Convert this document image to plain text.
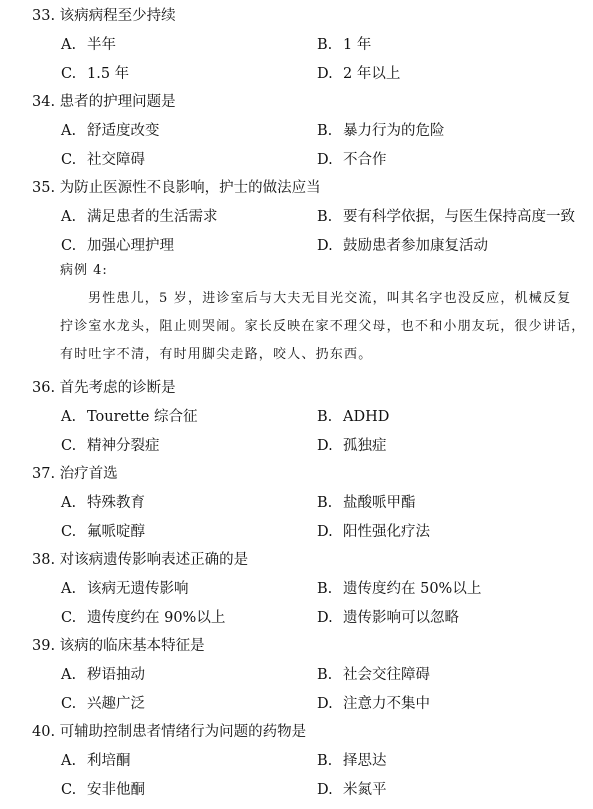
33. 该病病程至少持续
A. 半年	B. 1 年
C. 1.5 年	D. 2 年以上
34. 患者的护理问题是
A. 舒适度改变	B. 暴力行为的危险
C. 社交障碍	D. 不合作
35. 为防止医源性不良影响，护士的做法应当
A. 满足患者的生活需求	B. 要有科学依据，与医生保持高度一致
C. 加强心理护理	D. 鼓励患者参加康复活动
病例 4:
男性患儿，5 岁，进诊室后与大夫无目光交流，叫其名字也没反应，机械反复
拧诊室水龙头，阻止则哭闹。家长反映在家不理父母，也不和小朋友玩，很少讲话，
有时吐字不清，有时用脚尖走路，咬人、扔东西。
36. 首先考虑的诊断是
A. Tourette 综合征	B. ADHD
C. 精神分裂症	D. 孤独症
37. 治疗首选
A. 特殊教育	B. 盐酸哌甲酯
C. 氟哌啶醇	D. 阳性强化疗法
38. 对该病遗传影响表述正确的是
A. 该病无遗传影响	B. 遗传度约在 50%以上
C. 遗传度约在 90%以上	D. 遗传影响可以忽略
39. 该病的临床基本特征是
A. 秽语抽动	B. 社会交往障碍
C. 兴趣广泛	D. 注意力不集中
40. 可辅助控制患者情绪行为问题的药物是
A. 利培酮	B. 择思达
C. 安非他酮	D. 米氮平
